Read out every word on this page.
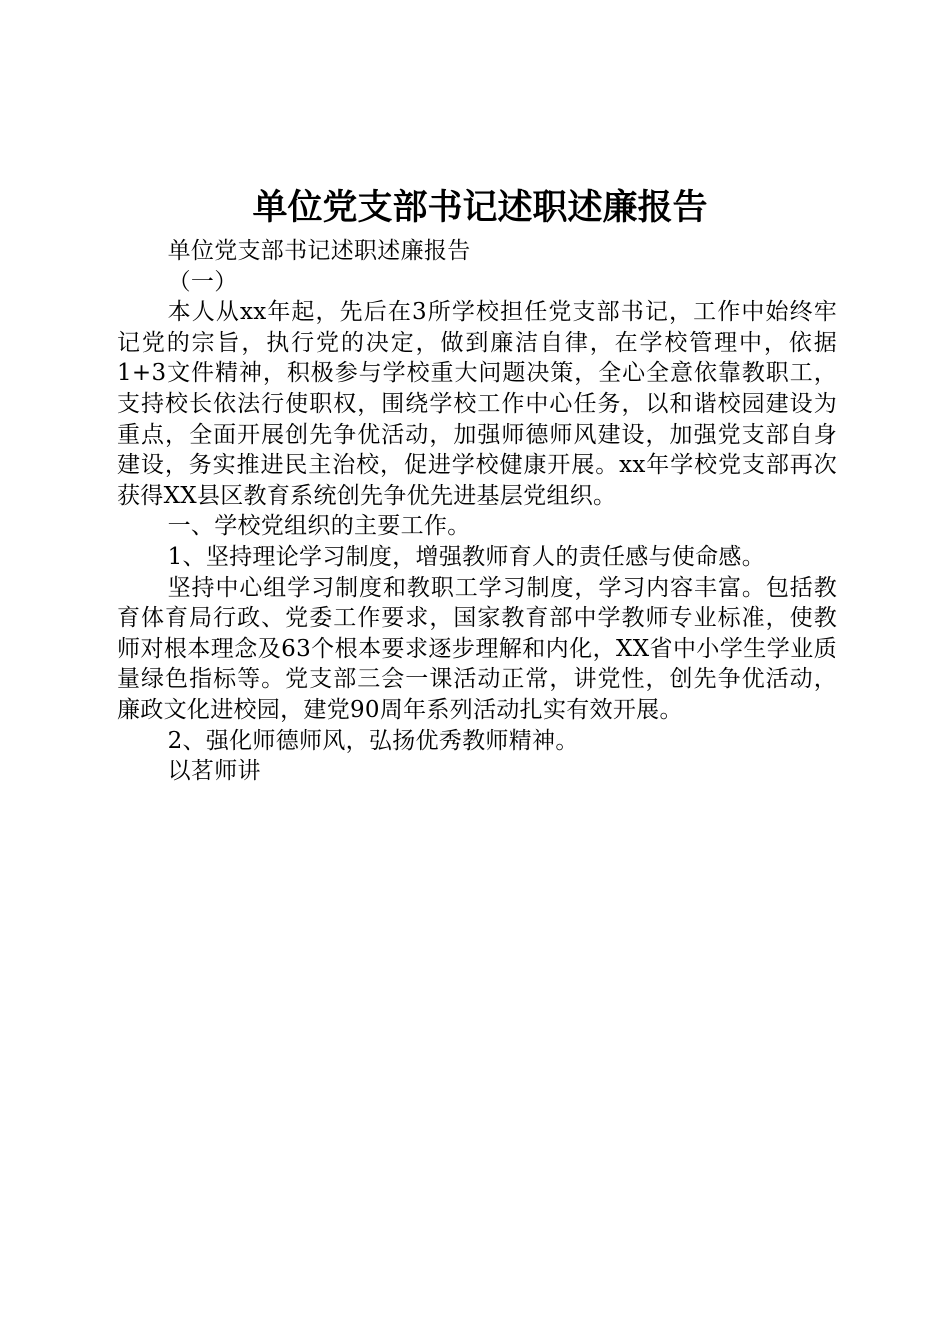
单位党支部书记述职述廉报告

单位党支部书记述职述廉报告

（一）

本人从xx年起，先后在3所学校担任党支部书记，工作中始终牢记党的宗旨，执行党的决定，做到廉洁自律，在学校管理中，依据1+3文件精神，积极参与学校重大问题决策，全心全意依靠教职工，支持校长依法行使职权，围绕学校工作中心任务，以和谐校园建设为重点，全面开展创先争优活动，加强师德师风建设，加强党支部自身建设，务实推进民主治校，促进学校健康开展。xx年学校党支部再次获得XX县区教育系统创先争优先进基层党组织。

一、学校党组织的主要工作。

1、坚持理论学习制度，增强教师育人的责任感与使命感。

坚持中心组学习制度和教职工学习制度，学习内容丰富。包括教育体育局行政、党委工作要求，国家教育部中学教师专业标准，使教师对根本理念及63个根本要求逐步理解和内化，XX省中小学生学业质量绿色指标等。党支部三会一课活动正常，讲党性，创先争优活动，廉政文化进校园，建党90周年系列活动扎实有效开展。

2、强化师德师风，弘扬优秀教师精神。

以茗师讲
